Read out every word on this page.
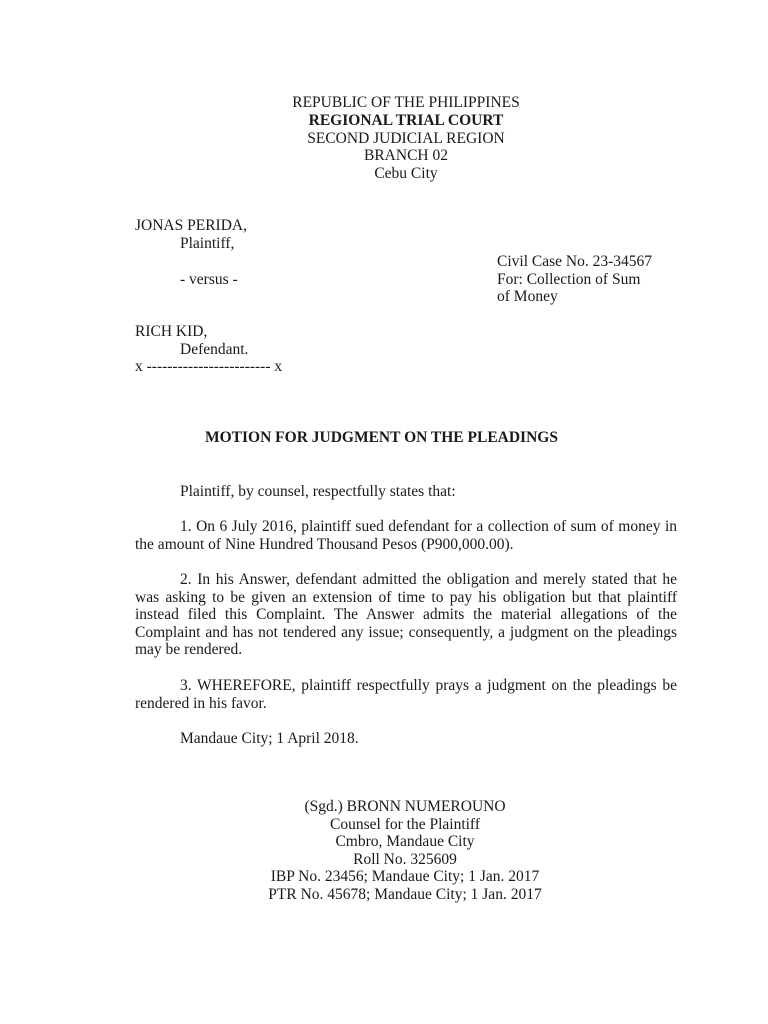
REPUBLIC OF THE PHILIPPINES
REGIONAL TRIAL COURT
SECOND JUDICIAL REGION
BRANCH 02
Cebu City
JONAS PERIDA,
Plaintiff,
- versus -
RICH KID,
Defendant.
x ------------------------ x
Civil Case No. 23-34567
For: Collection of Sum
of Money
MOTION FOR JUDGMENT ON THE PLEADINGS
Plaintiff, by counsel, respectfully states that:
1. On 6 July 2016, plaintiff sued defendant for a collection of sum of money in the amount of Nine Hundred Thousand Pesos (P900,000.00).
2. In his Answer, defendant admitted the obligation and merely stated that he was asking to be given an extension of time to pay his obligation but that plaintiff instead filed this Complaint. The Answer admits the material allegations of the Complaint and has not tendered any issue; consequently, a judgment on the pleadings may be rendered.
3. WHEREFORE, plaintiff respectfully prays a judgment on the pleadings be rendered in his favor.
Mandaue City; 1 April 2018.
(Sgd.) BRONN NUMEROUNO
Counsel for the Plaintiff
Cmbro, Mandaue City
Roll No. 325609
IBP No. 23456; Mandaue City; 1 Jan. 2017
PTR No. 45678; Mandaue City; 1 Jan. 2017
